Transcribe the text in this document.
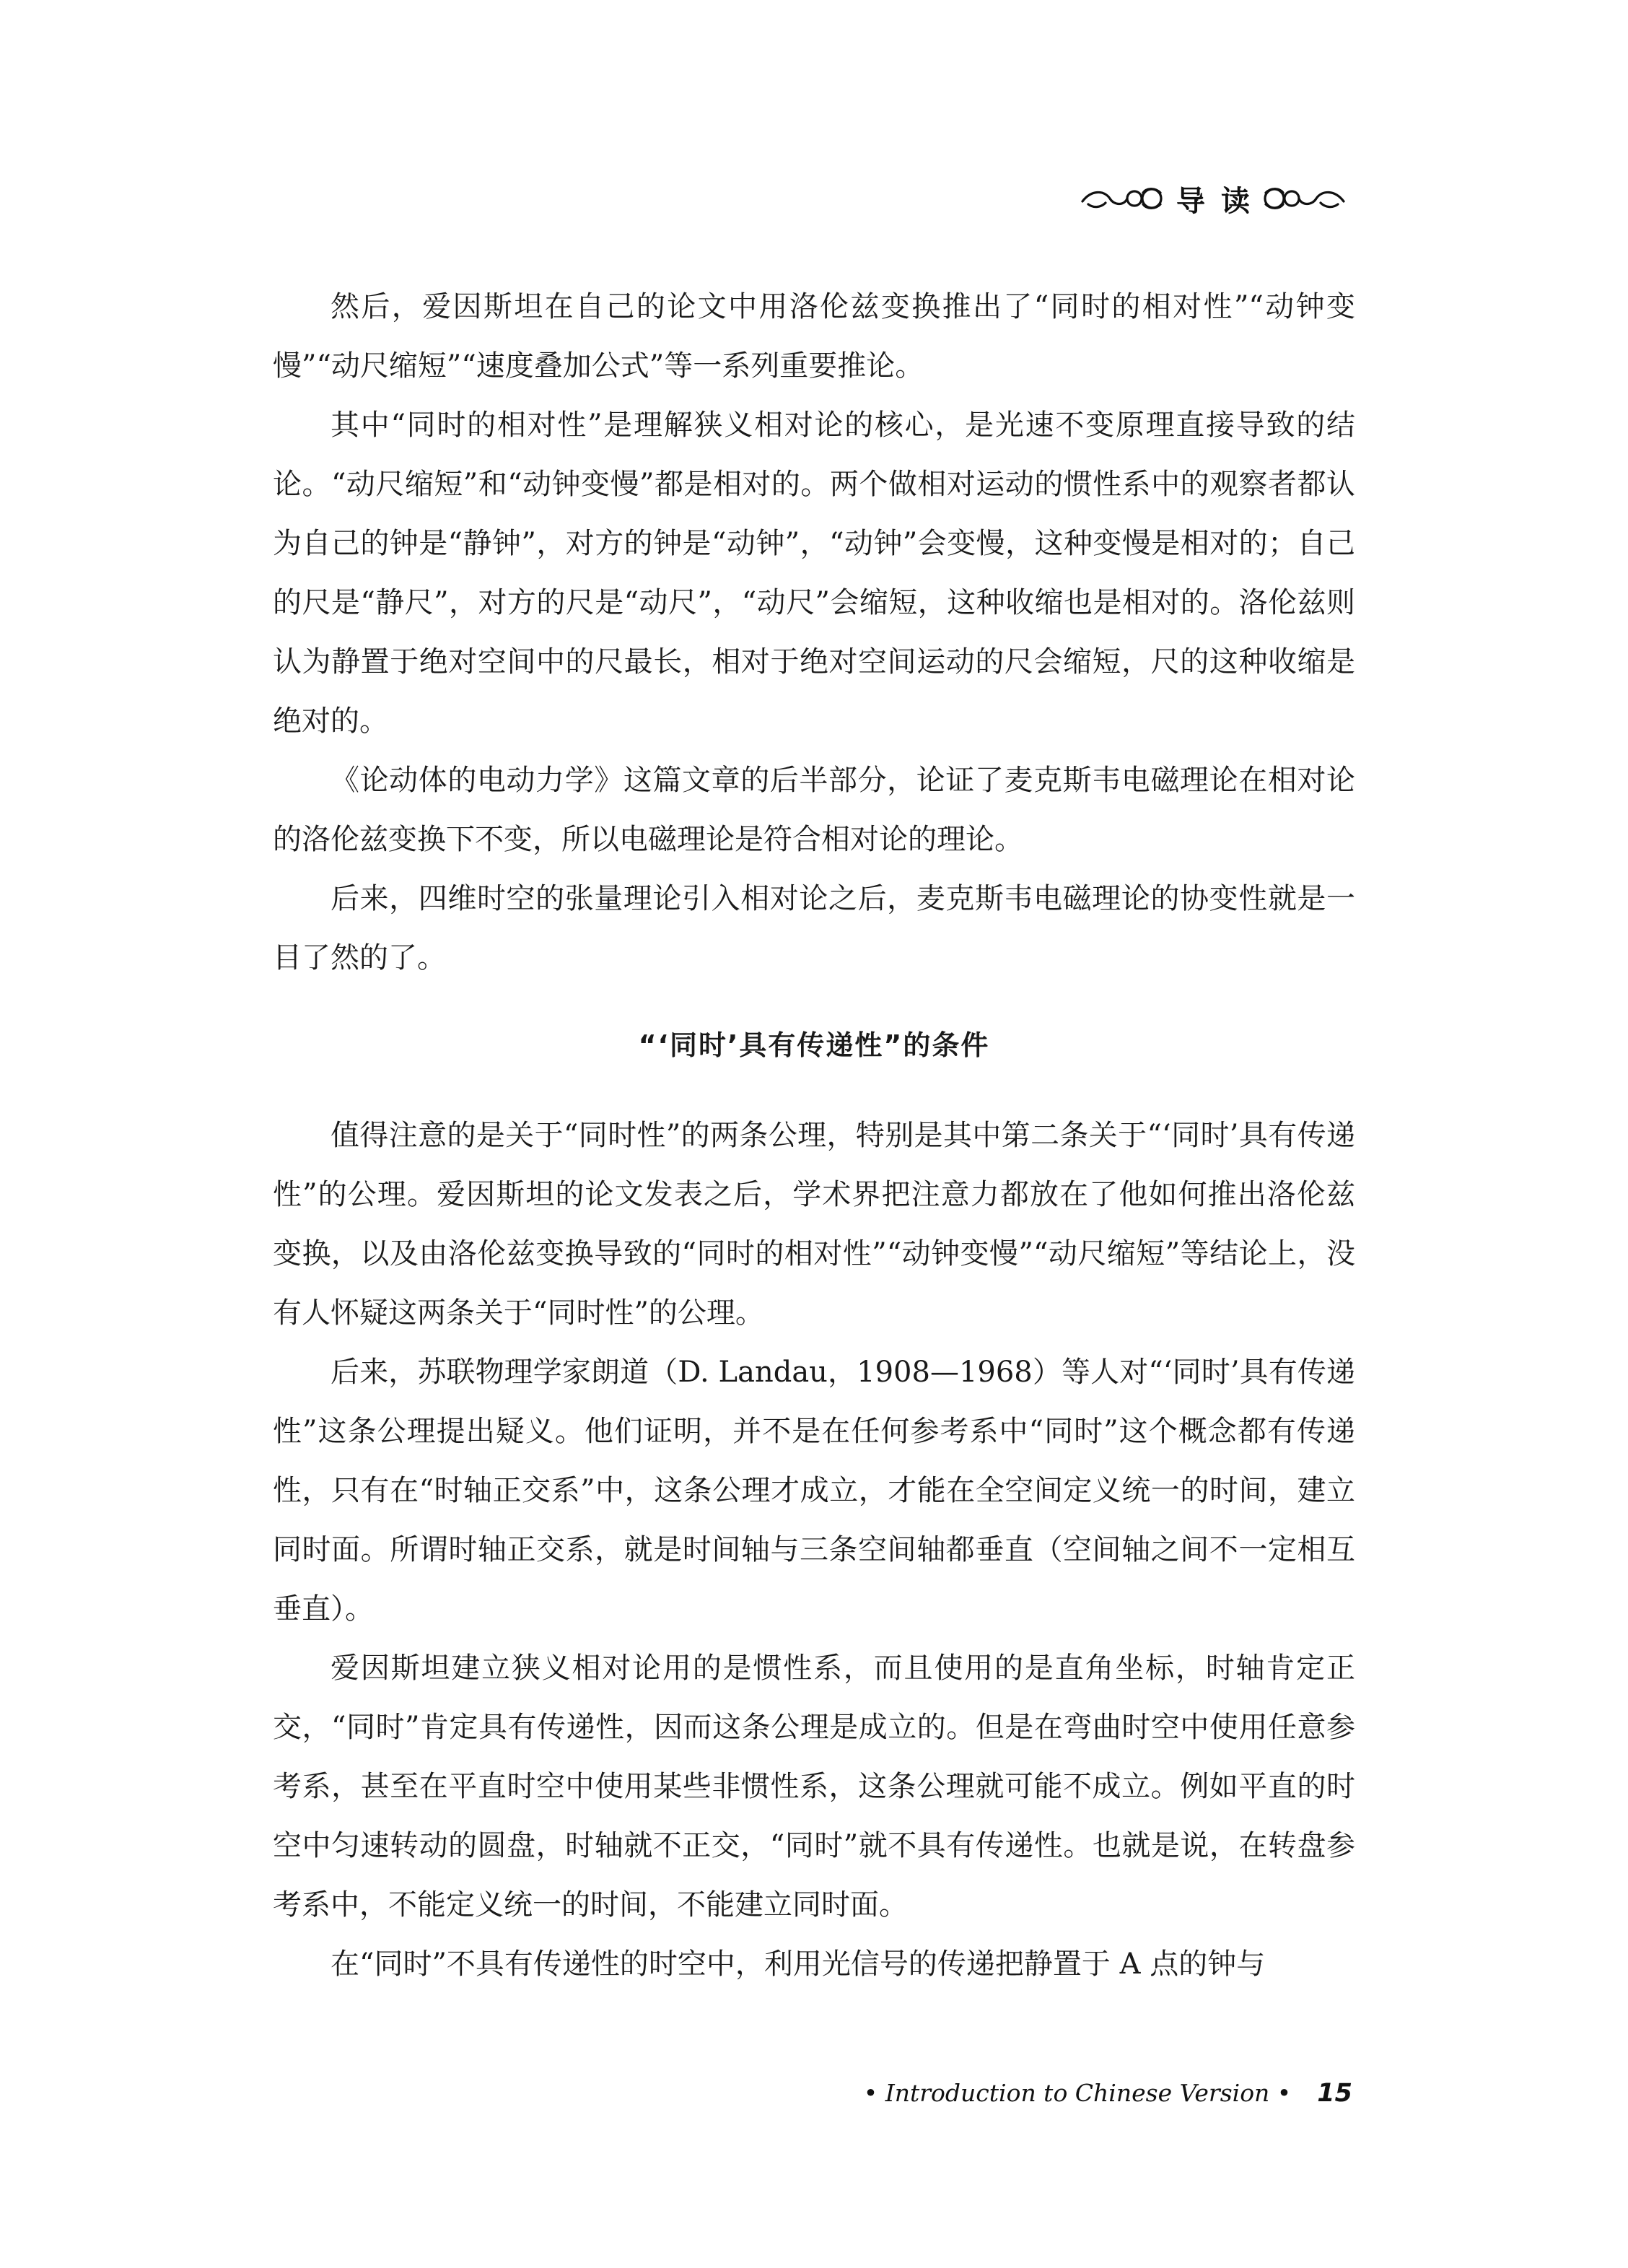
导读

然后，爱因斯坦在自己的论文中用洛伦兹变换推出了“同时的相对性”“动钟变慢”“动尺缩短”“速度叠加公式”等一系列重要推论。

其中“同时的相对性”是理解狭义相对论的核心，是光速不变原理直接导致的结论。“动尺缩短”和“动钟变慢”都是相对的。两个做相对运动的惯性系中的观察者都认为自己的钟是“静钟”，对方的钟是“动钟”，“动钟”会变慢，这种变慢是相对的；自己的尺是“静尺”，对方的尺是“动尺”，“动尺”会缩短，这种收缩也是相对的。洛伦兹则认为静置于绝对空间中的尺最长，相对于绝对空间运动的尺会缩短，尺的这种收缩是绝对的。

《论动体的电动力学》这篇文章的后半部分，论证了麦克斯韦电磁理论在相对论的洛伦兹变换下不变，所以电磁理论是符合相对论的理论。

后来，四维时空的张量理论引入相对论之后，麦克斯韦电磁理论的协变性就是一目了然的了。

“‘同时’具有传递性”的条件

值得注意的是关于“同时性”的两条公理，特别是其中第二条关于“‘同时’具有传递性”的公理。爱因斯坦的论文发表之后，学术界把注意力都放在了他如何推出洛伦兹变换，以及由洛伦兹变换导致的“同时的相对性”“动钟变慢”“动尺缩短”等结论上，没有人怀疑这两条关于“同时性”的公理。

后来，苏联物理学家朗道（D. Landau，1908—1968）等人对“‘同时’具有传递性”这条公理提出疑义。他们证明，并不是在任何参考系中“同时”这个概念都有传递性，只有在“时轴正交系”中，这条公理才成立，才能在全空间定义统一的时间，建立同时面。所谓时轴正交系，就是时间轴与三条空间轴都垂直（空间轴之间不一定相互垂直）。

爱因斯坦建立狭义相对论用的是惯性系，而且使用的是直角坐标，时轴肯定正交，“同时”肯定具有传递性，因而这条公理是成立的。但是在弯曲时空中使用任意参考系，甚至在平直时空中使用某些非惯性系，这条公理就可能不成立。例如平直的时空中匀速转动的圆盘，时轴就不正交，“同时”就不具有传递性。也就是说，在转盘参考系中，不能定义统一的时间，不能建立同时面。

在“同时”不具有传递性的时空中，利用光信号的传递把静置于 A 点的钟与

• Introduction to Chinese Version • 15
